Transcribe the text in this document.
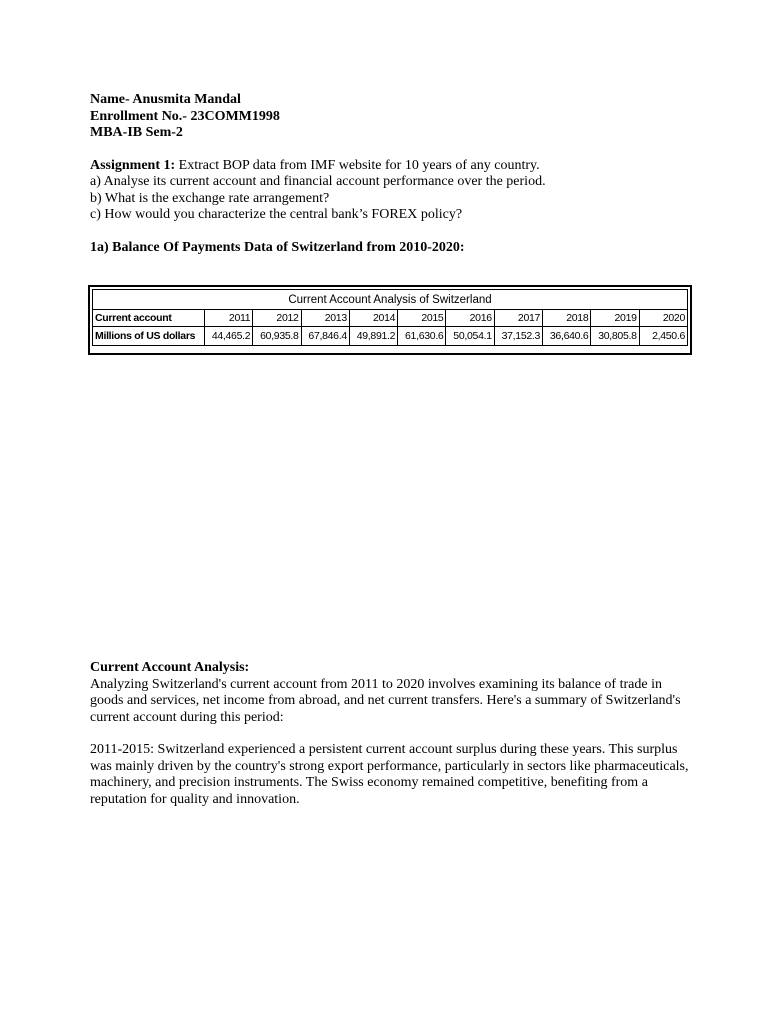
Name- Anusmita Mandal

Enrollment No.- 23COMM1998

MBA-IB Sem-2

Assignment 1: Extract BOP data from IMF website for 10 years of any country.

a) Analyse its current account and financial account performance over the period.

b) What is the exchange rate arrangement?

c) How would you characterize the central bank’s FOREX policy?

1a) Balance Of Payments Data of Switzerland from 2010-2020:

Current Account Analysis of Switzerland										
Current account	2011	2012	2013	2014	2015	2016	2017	2018	2019	2020
Millions of US dollars	44,465.2	60,935.8	67,846.4	49,891.2	61,630.6	50,054.1	37,152.3	36,640.6	30,805.8	2,450.6

Current Account Analysis:

Analyzing Switzerland's current account from 2011 to 2020 involves examining its balance of trade in goods and services, net income from abroad, and net current transfers. Here's a summary of Switzerland's current account during this period:

2011-2015: Switzerland experienced a persistent current account surplus during these years. This surplus was mainly driven by the country's strong export performance, particularly in sectors like pharmaceuticals, machinery, and precision instruments. The Swiss economy remained competitive, benefiting from a reputation for quality and innovation.
